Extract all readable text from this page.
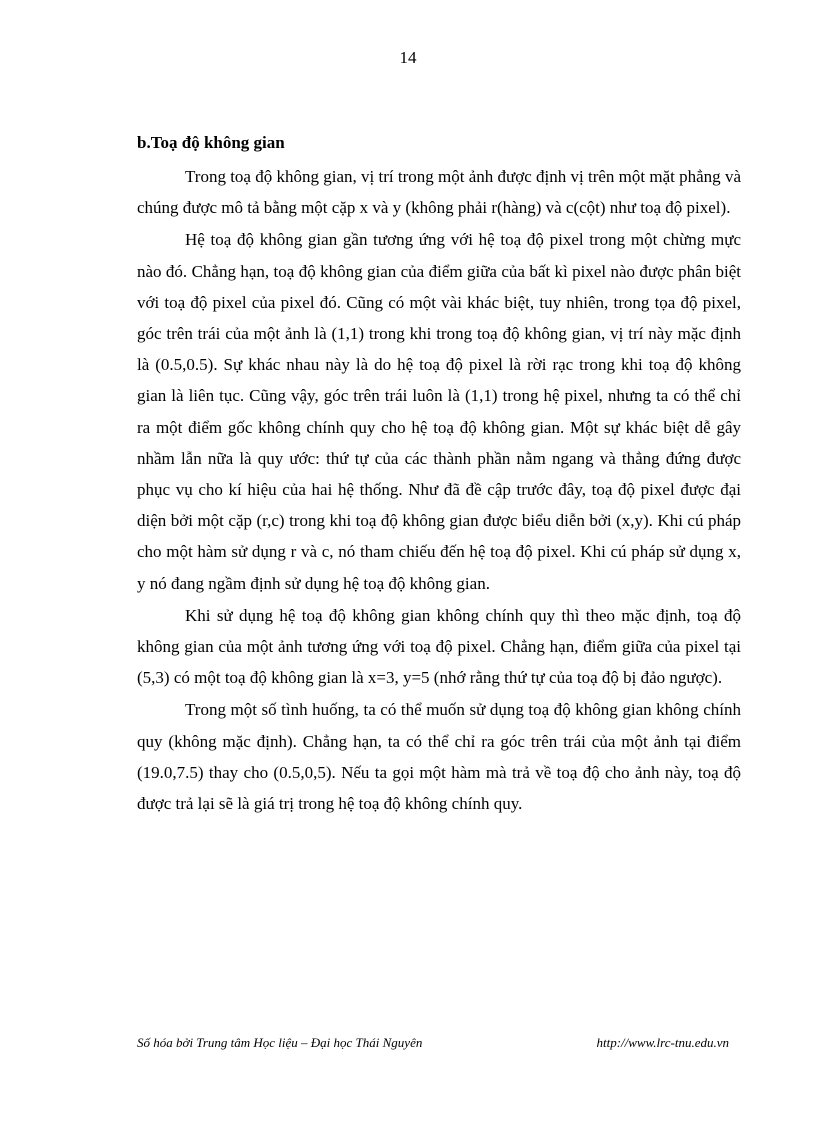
14
b.Toạ độ không gian

Trong toạ độ không gian, vị trí trong một ảnh được định vị trên một mặt phẳng và chúng được mô tả bằng một cặp x và y (không phải r(hàng) và c(cột) như toạ độ pixel).

Hệ toạ độ không gian gần tương ứng với hệ toạ độ pixel trong một chừng mực nào đó. Chẳng hạn, toạ độ không gian của điểm giữa của bất kì pixel nào được phân biệt với toạ độ pixel của pixel đó. Cũng có một vài khác biệt, tuy nhiên, trong tọa độ pixel, góc trên trái của một ảnh là (1,1) trong khi trong toạ độ không gian, vị trí này mặc định là (0.5,0.5). Sự khác nhau này là do hệ toạ độ pixel là rời rạc trong khi toạ độ không gian là liên tục. Cũng vậy, góc trên trái luôn là (1,1) trong hệ pixel, nhưng ta có thể chỉ ra một điểm gốc không chính quy cho hệ toạ độ không gian. Một sự khác biệt dễ gây nhầm lẫn nữa là quy ước: thứ tự của các thành phần nằm ngang và thẳng đứng được phục vụ cho kí hiệu của hai hệ thống. Như đã đề cập trước đây, toạ độ pixel được đại diện bởi một cặp (r,c) trong khi toạ độ không gian được biểu diễn bởi (x,y). Khi cú pháp cho một hàm sử dụng r và c, nó tham chiếu đến hệ toạ độ pixel. Khi cú pháp sử dụng x, y nó đang ngầm định sử dụng hệ toạ độ không gian.

Khi sử dụng hệ toạ độ không gian không chính quy thì theo mặc định, toạ độ không gian của một ảnh tương ứng với toạ độ pixel. Chẳng hạn, điểm giữa của pixel tại (5,3) có một toạ độ không gian là x=3, y=5 (nhớ rằng thứ tự của toạ độ bị đảo ngược).

Trong một số tình huống, ta có thể muốn sử dụng toạ độ không gian không chính quy (không mặc định). Chẳng hạn, ta có thể chỉ ra góc trên trái của một ảnh tại điểm (19.0,7.5) thay cho (0.5,0,5). Nếu ta gọi một hàm mà trả về toạ độ cho ảnh này, toạ độ được trả lại sẽ là giá trị trong hệ toạ độ không chính quy.

Số hóa bởi Trung tâm Học liệu – Đại học Thái Nguyên	http://www.lrc-tnu.edu.vn
